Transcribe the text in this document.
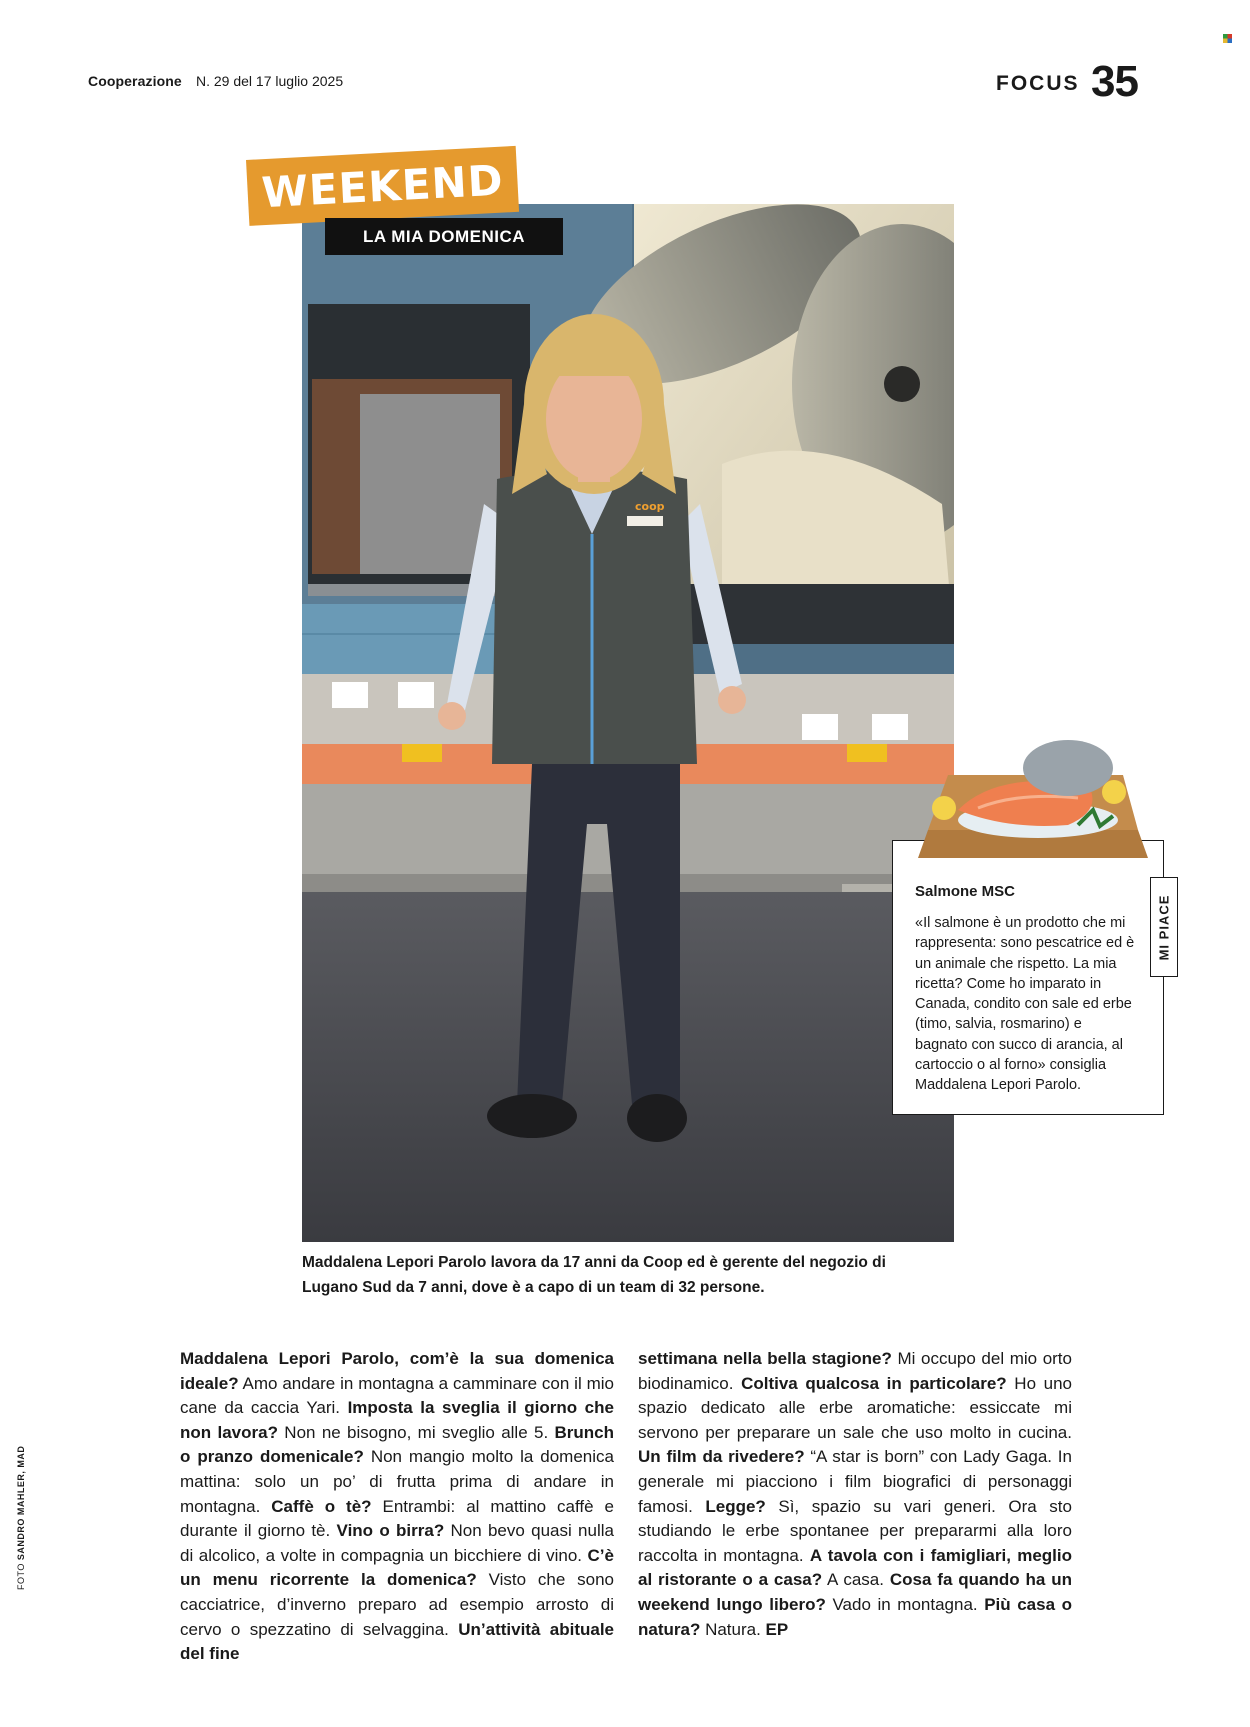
Cooperazione N. 29 del 17 luglio 2025	FOCUS 35
coop
WEEKEND
LA MIA DOMENICA
Maddalena Lepori Parolo lavora da 17 anni da Coop ed è gerente del negozio di Lugano Sud da 7 anni, dove è a capo di un team di 32 persone.
Salmone MSC
«Il salmone è un prodotto che mi rappresenta: sono pescatrice ed è un animale che rispetto. La mia ricetta? Come ho imparato in Canada, condito con sale ed erbe (timo, salvia, rosmarino) e bagnato con succo di arancia, al cartoccio o al forno» consiglia Maddalena Lepori Parolo.
MI PIACE
Maddalena Lepori Parolo, com’è la sua domenica ideale? Amo andare in montagna a camminare con il mio cane da caccia Yari. Imposta la sveglia il giorno che non lavora? Non ne bisogno, mi sveglio alle 5. Brunch o pranzo domenicale? Non mangio molto la domenica mattina: solo un po’ di frutta prima di andare in montagna. Caffè o tè? Entrambi: al mattino caffè e durante il giorno tè. Vino o birra? Non bevo quasi nulla di alcolico, a volte in compagnia un bicchiere di vino. C’è un menu ricorrente la domenica? Visto che sono cacciatrice, d’inverno preparo ad esempio arrosto di cervo o spezzatino di selvaggina. Un’attività abituale del fine
settimana nella bella stagione? Mi occupo del mio orto biodinamico. Coltiva qualcosa in particolare? Ho uno spazio dedicato alle erbe aromatiche: essiccate mi servono per preparare un sale che uso molto in cucina. Un film da rivedere? “A star is born” con Lady Gaga. In generale mi piacciono i film biografici di personaggi famosi. Legge? Sì, spazio su vari generi. Ora sto studiando le erbe spontanee per prepararmi alla loro raccolta in montagna. A tavola con i famigliari, meglio al ristorante o a casa? A casa. Cosa fa quando ha un weekend lungo libero? Vado in montagna. Più casa o natura? Natura. EP
FOTO SANDRO MAHLER, MAD
